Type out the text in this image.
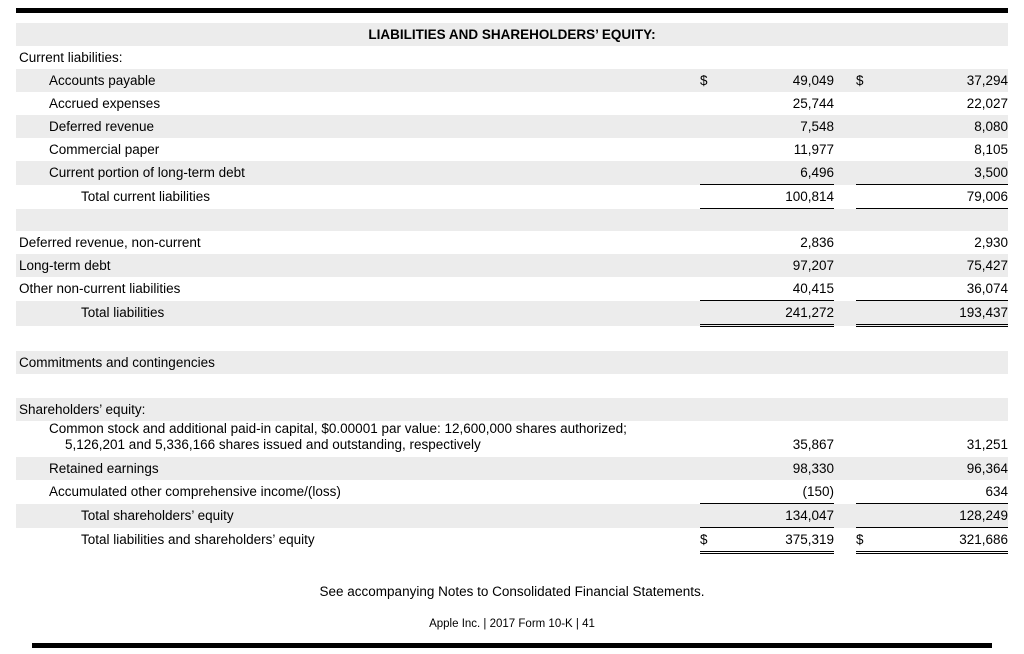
LIABILITIES AND SHAREHOLDERS’ EQUITY:					
Current liabilities:					
Accounts payable	$	49,049		$	37,294
Accrued expenses		25,744			22,027
Deferred revenue		7,548			8,080
Commercial paper		11,977			8,105
Current portion of long-term debt		6,496			3,500
Total current liabilities		100,814			79,006

Deferred revenue, non-current		2,836			2,930
Long-term debt		97,207			75,427
Other non-current liabilities		40,415			36,074
Total liabilities		241,272			193,437

Commitments and contingencies					

Shareholders’ equity:					

Common stock and additional paid-in capital, $0.00001 par value: 12,600,000 shares authorized;
5,126,201 and 5,336,166 shares issued and outstanding, respectively		35,867			31,251
Retained earnings		98,330			96,364
Accumulated other comprehensive income/(loss)		(150)			634
Total shareholders’ equity		134,047			128,249
Total liabilities and shareholders’ equity	$	375,319		$	321,686
See accompanying Notes to Consolidated Financial Statements.
Apple Inc. | 2017 Form 10-K | 41
